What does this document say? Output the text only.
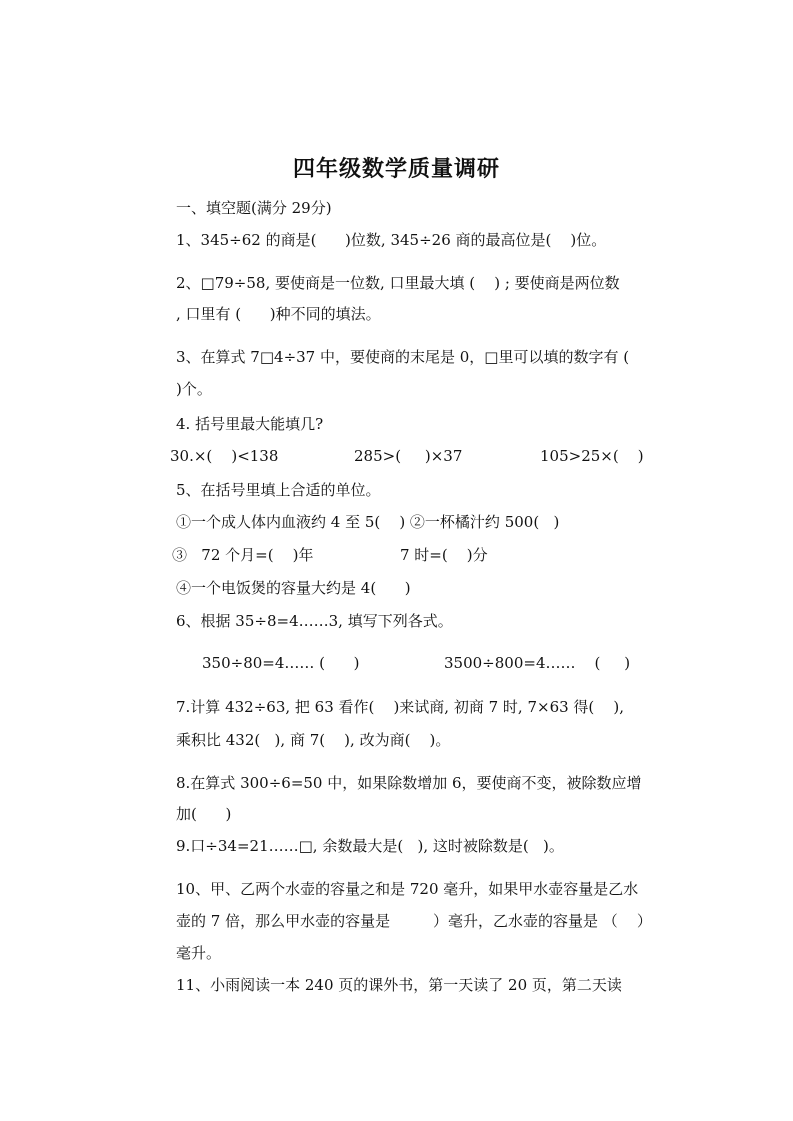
四年级数学质量调研
一、填空题(满分 29分)
1、345÷62 的商是(      )位数, 345÷26 商的最高位是(    )位。
2、□79÷58, 要使商是一位数, 口里最大填 (    ) ; 要使商是两位数
, 口里有 (      )种不同的填法。
3、在算式 7□4÷37 中，要使商的末尾是 0，□里可以填的数字有 (
)个。
4. 括号里最大能填几?
30.×(    )<138	285>(     )×37	105>25×(    )
5、在括号里填上合适的单位。
①一个成人体内血液约 4 至 5(    ) ②一杯橘汁约 500(   )
③   72 个月=(    )年	7 时=(    )分
④一个电饭煲的容量大约是 4(      )
6、根据 35÷8=4……3, 填写下列各式。
350÷80=4…… (      )	3500÷800=4……    (     )
7.计算 432÷63, 把 63 看作(    )来试商, 初商 7 时, 7×63 得(    ),
乘积比 432(   ), 商 7(    ), 改为商(    )。
8.在算式 300÷6=50 中，如果除数增加 6，要使商不变，被除数应增
加(      )
9.口÷34=21……□, 余数最大是(   ), 这时被除数是(   )。
10、甲、乙两个水壶的容量之和是 720 毫升，如果甲水壶容量是乙水
壶的 7 倍，那么甲水壶的容量是         ）毫升，乙水壶的容量是 （    ）
毫升。
11、小雨阅读一本 240 页的课外书，第一天读了 20 页，第二天读
